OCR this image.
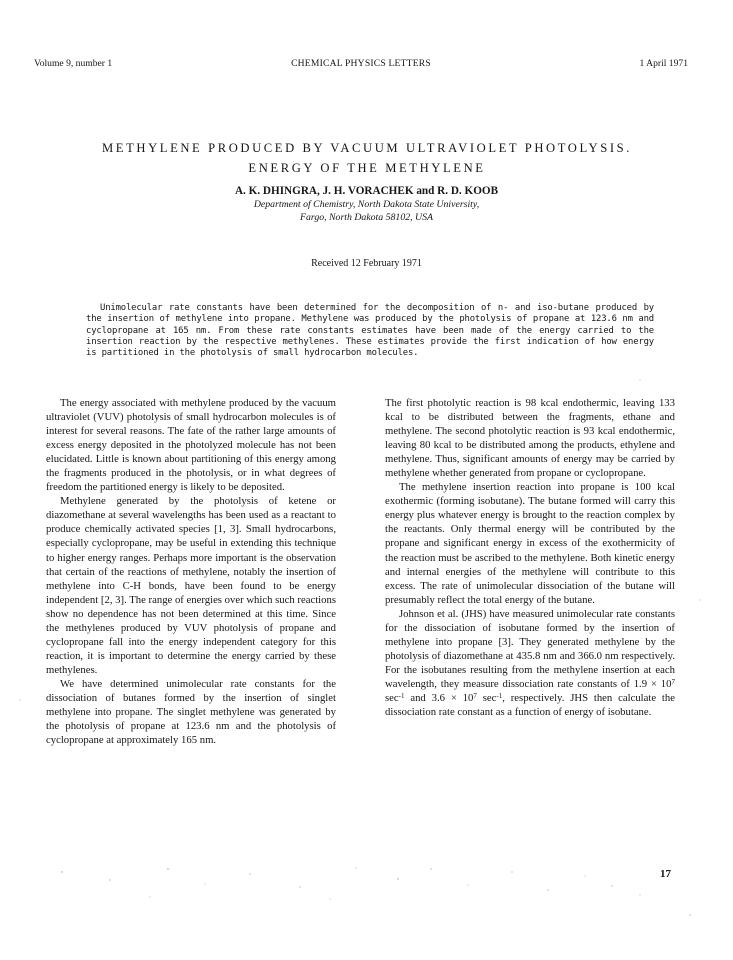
Volume 9, number 1	CHEMICAL PHYSICS LETTERS	1 April 1971
METHYLENE PRODUCED BY VACUUM ULTRAVIOLET PHOTOLYSIS.
ENERGY OF THE METHYLENE
A. K. DHINGRA, J. H. VORACHEK and R. D. KOOB
Department of Chemistry, North Dakota State University,
Fargo, North Dakota 58102, USA
Received 12 February 1971

Unimolecular rate constants have been determined for the decomposition of n- and iso-butane produced by the insertion of methylene into propane. Methylene was produced by the photolysis of propane at 123.6 nm and cyclopropane at 165 nm. From these rate constants estimates have been made of the energy carried to the insertion reaction by the respective methylenes. These estimates provide the first indication of how energy is partitioned in the photolysis of small hydrocarbon molecules.

The energy associated with methylene produced by the vacuum ultraviolet (VUV) photolysis of small hydrocarbon molecules is of interest for several reasons. The fate of the rather large amounts of excess energy deposited in the photolyzed molecule has not been elucidated. Little is known about partitioning of this energy among the fragments produced in the photolysis, or in what degrees of freedom the partitioned energy is likely to be deposited.

Methylene generated by the photolysis of ketene or diazomethane at several wavelengths has been used as a reactant to produce chemically activated species [1, 3]. Small hydrocarbons, especially cyclopropane, may be useful in extending this technique to higher energy ranges. Perhaps more important is the observation that certain of the reactions of methylene, notably the insertion of methylene into C-H bonds, have been found to be energy independent [2, 3]. The range of energies over which such reactions show no dependence has not been determined at this time. Since the methylenes produced by VUV photolysis of propane and cyclopropane fall into the energy independent category for this reaction, it is important to determine the energy carried by these methylenes.

We have determined unimolecular rate constants for the dissociation of butanes formed by the insertion of singlet methylene into propane. The singlet methylene was generated by the photolysis of propane at 123.6 nm and the photolysis of cyclopropane at approximately 165 nm.

The first photolytic reaction is 98 kcal endothermic, leaving 133 kcal to be distributed between the fragments, ethane and methylene. The second photolytic reaction is 93 kcal endothermic, leaving 80 kcal to be distributed among the products, ethylene and methylene. Thus, significant amounts of energy may be carried by methylene whether generated from propane or cyclopropane.

The methylene insertion reaction into propane is 100 kcal exothermic (forming isobutane). The butane formed will carry this energy plus whatever energy is brought to the reaction complex by the reactants. Only thermal energy will be contributed by the propane and significant energy in excess of the exothermicity of the reaction must be ascribed to the methylene. Both kinetic energy and internal energies of the methylene will contribute to this excess. The rate of unimolecular dissociation of the butane will presumably reflect the total energy of the butane.

Johnson et al. (JHS) have measured unimolecular rate constants for the dissociation of isobutane formed by the insertion of methylene into propane [3]. They generated methylene by the photolysis of diazomethane at 435.8 nm and 366.0 nm respectively. For the isobutanes resulting from the methylene insertion at each wavelength, they measure dissociation rate constants of $1.9 \times 10^7$ $\sec^{-1}$ and $3.6 \times 10^7$ $\sec^{-1}$, respectively. JHS then calculate the dissociation rate constant as a function of energy of isobutane.

17
